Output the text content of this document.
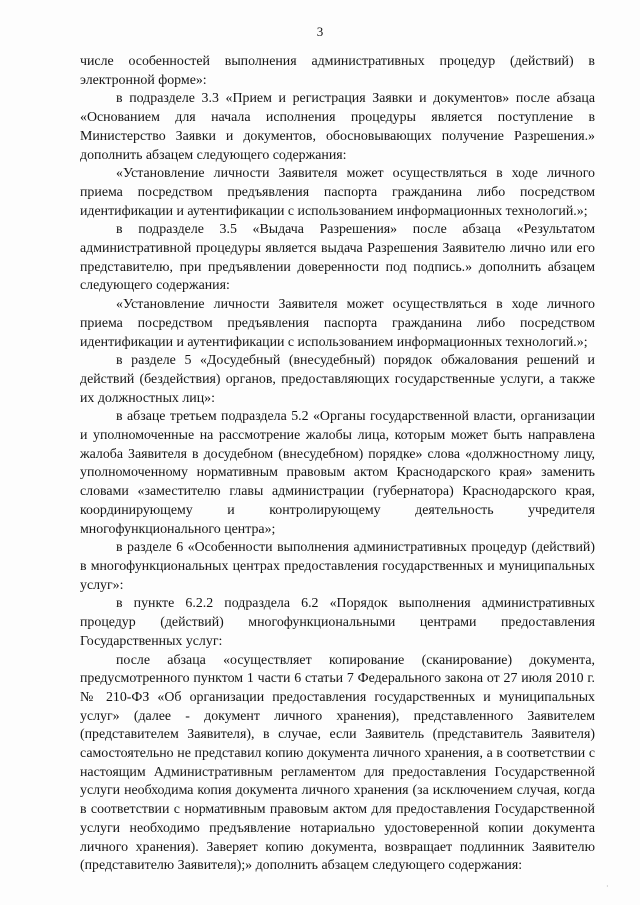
3

числе особенностей выполнения административных процедур (действий) в электронной форме»:

в подразделе 3.3 «Прием и регистрация Заявки и документов» после абзаца «Основанием для начала исполнения процедуры является поступление в Министерство Заявки и документов, обосновывающих получение Разрешения.» дополнить абзацем следующего содержания:

«Установление личности Заявителя может осуществляться в ходе личного приема посредством предъявления паспорта гражданина либо посредством идентификации и аутентификации с использованием информационных технологий.»;

в подразделе 3.5 «Выдача Разрешения» после абзаца «Результатом административной процедуры является выдача Разрешения Заявителю лично или его представителю, при предъявлении доверенности под подпись.» дополнить абзацем следующего содержания:

«Установление личности Заявителя может осуществляться в ходе личного приема посредством предъявления паспорта гражданина либо посредством идентификации и аутентификации с использованием информационных технологий.»;

в разделе 5 «Досудебный (внесудебный) порядок обжалования решений и действий (бездействия) органов, предоставляющих государственные услуги, а также их должностных лиц»:

в абзаце третьем подраздела 5.2 «Органы государственной власти, организации и уполномоченные на рассмотрение жалобы лица, которым может быть направлена жалоба Заявителя в досудебном (внесудебном) порядке» слова «должностному лицу, уполномоченному нормативным правовым актом Краснодарского края» заменить словами «заместителю главы администрации (губернатора) Краснодарского края, координирующему и контролирующему деятельность учредителя многофункционального центра»;

в разделе 6 «Особенности выполнения административных процедур (действий) в многофункциональных центрах предоставления государственных и муниципальных услуг»:

в пункте 6.2.2 подраздела 6.2 «Порядок выполнения административных процедур (действий) многофункциональными центрами предоставления Государственных услуг:

после абзаца «осуществляет копирование (сканирование) документа, предусмотренного пунктом 1 части 6 статьи 7 Федерального закона от 27 июля 2010 г. № 210-ФЗ «Об организации предоставления государственных и муниципальных услуг» (далее - документ личного хранения), представленного Заявителем (представителем Заявителя), в случае, если Заявитель (представитель Заявителя) самостоятельно не представил копию документа личного хранения, а в соответствии с настоящим Административным регламентом для предоставления Государственной услуги необходима копия документа личного хранения (за исключением случая, когда в соответствии с нормативным правовым актом для предоставления Государственной услуги необходимо предъявление нотариально удостоверенной копии документа личного хранения). Заверяет копию документа, возвращает подлинник Заявителю (представителю Заявителя);» дополнить абзацем следующего содержания:

·
